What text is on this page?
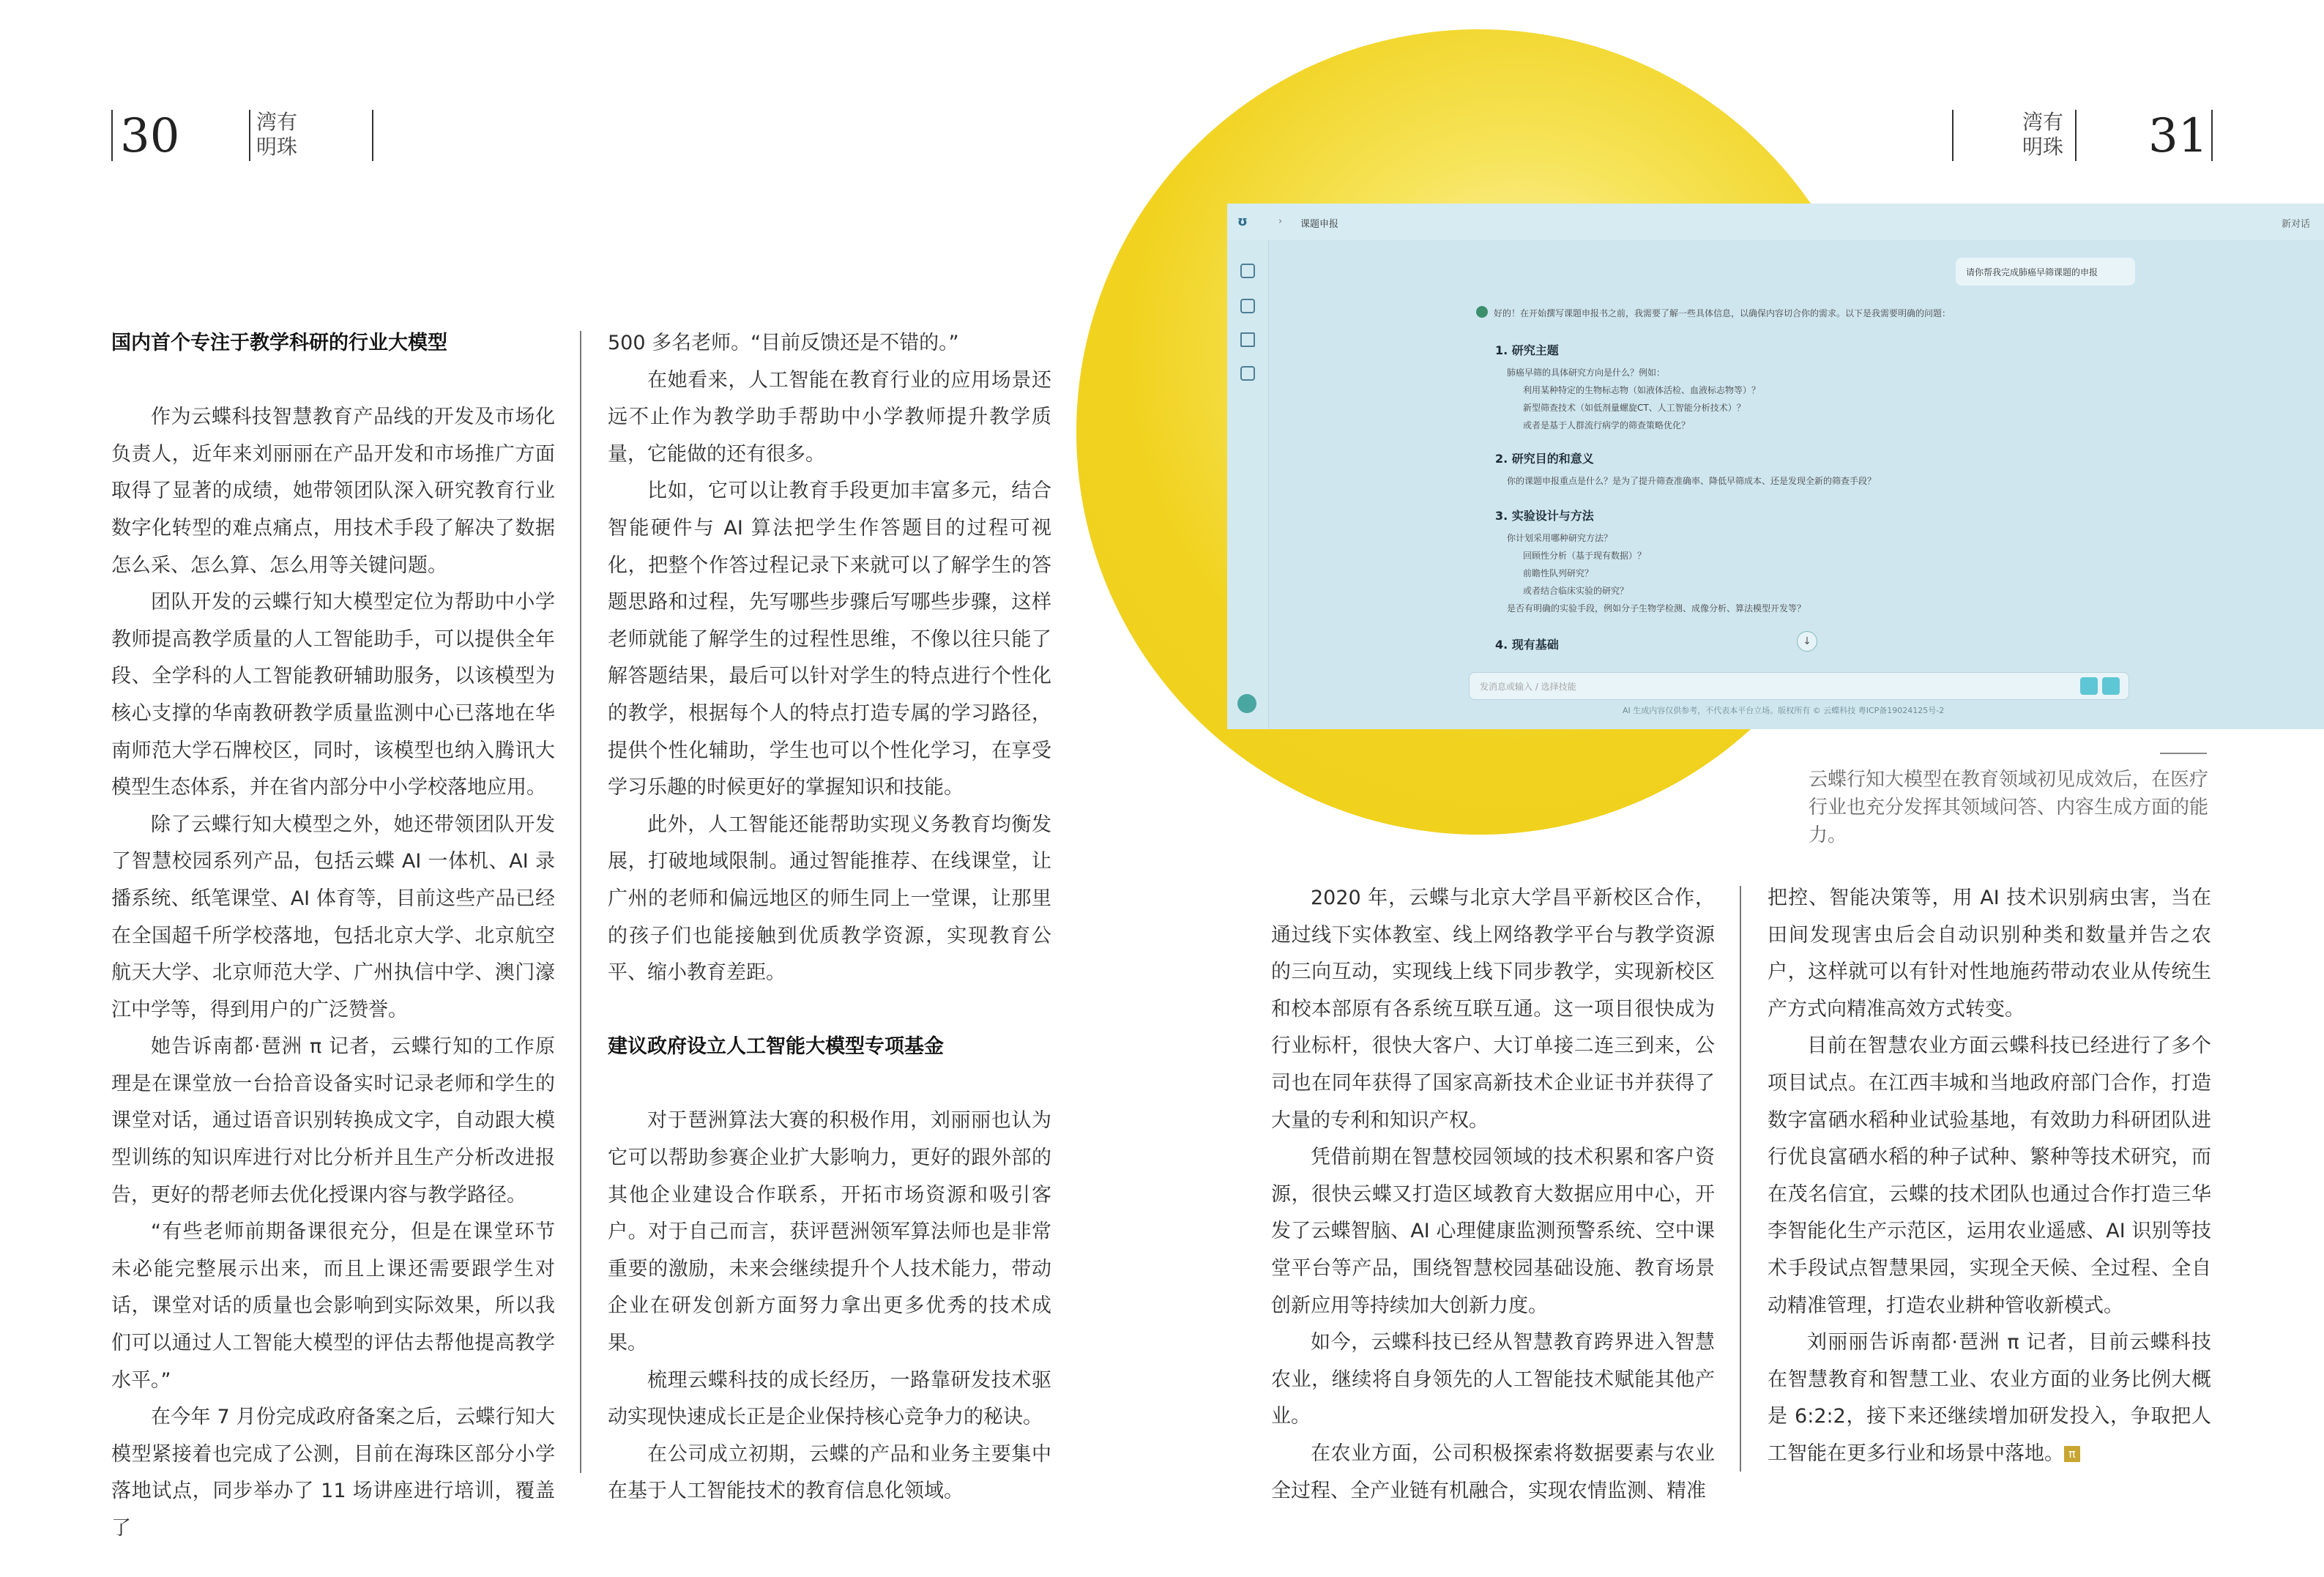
30	湾有
明珠
湾有
明珠 31
国内首个专注于教学科研的行业大模型

作为云蝶科技智慧教育产品线的开发及市场化负责人，近年来刘丽丽在产品开发和市场推广方面取得了显著的成绩，她带领团队深入研究教育行业数字化转型的难点痛点，用技术手段了解决了数据怎么采、怎么算、怎么用等关键问题。

团队开发的云蝶行知大模型定位为帮助中小学教师提高教学质量的人工智能助手，可以提供全年段、全学科的人工智能教研辅助服务，以该模型为核心支撑的华南教研教学质量监测中心已落地在华南师范大学石牌校区，同时，该模型也纳入腾讯大模型生态体系，并在省内部分中小学校落地应用。

除了云蝶行知大模型之外，她还带领团队开发了智慧校园系列产品，包括云蝶 AI 一体机、AI 录播系统、纸笔课堂、AI 体育等，目前这些产品已经在全国超千所学校落地，包括北京大学、北京航空航天大学、北京师范大学、广州执信中学、澳门濠江中学等，得到用户的广泛赞誉。

她告诉南都·琶洲 π 记者，云蝶行知的工作原理是在课堂放一台拾音设备实时记录老师和学生的课堂对话，通过语音识别转换成文字，自动跟大模型训练的知识库进行对比分析并且生产分析改进报告，更好的帮老师去优化授课内容与教学路径。

“有些老师前期备课很充分，但是在课堂环节未必能完整展示出来，而且上课还需要跟学生对话，课堂对话的质量也会影响到实际效果，所以我们可以通过人工智能大模型的评估去帮他提高教学水平。”

在今年 7 月份完成政府备案之后，云蝶行知大模型紧接着也完成了公测，目前在海珠区部分小学落地试点，同步举办了 11 场讲座进行培训，覆盖了

500 多名老师。“目前反馈还是不错的。”

在她看来，人工智能在教育行业的应用场景还远不止作为教学助手帮助中小学教师提升教学质量，它能做的还有很多。

比如，它可以让教育手段更加丰富多元，结合智能硬件与 AI 算法把学生作答题目的过程可视化，把整个作答过程记录下来就可以了解学生的答题思路和过程，先写哪些步骤后写哪些步骤，这样老师就能了解学生的过程性思维，不像以往只能了解答题结果，最后可以针对学生的特点进行个性化的教学，根据每个人的特点打造专属的学习路径，提供个性化辅助，学生也可以个性化学习，在享受学习乐趣的时候更好的掌握知识和技能。

此外，人工智能还能帮助实现义务教育均衡发展，打破地域限制。通过智能推荐、在线课堂，让广州的老师和偏远地区的师生同上一堂课，让那里的孩子们也能接触到优质教学资源，实现教育公平、缩小教育差距。

建议政府设立人工智能大模型专项基金

对于琶洲算法大赛的积极作用，刘丽丽也认为它可以帮助参赛企业扩大影响力，更好的跟外部的其他企业建设合作联系，开拓市场资源和吸引客户。对于自己而言，获评琶洲领军算法师也是非常重要的激励，未来会继续提升个人技术能力，带动企业在研发创新方面努力拿出更多优秀的技术成果。

梳理云蝶科技的成长经历，一路靠研发技术驱动实现快速成长正是企业保持核心竞争力的秘诀。

在公司成立初期，云蝶的产品和业务主要集中在基于人工智能技术的教育信息化领域。

ʊ	› 课题申报	新对话
请你帮我完成肺癌早筛课题的申报
好的！在开始撰写课题申报书之前，我需要了解一些具体信息，以确保内容切合你的需求。以下是我需要明确的问题：
1. 研究主题
肺癌早筛的具体研究方向是什么？例如：
利用某种特定的生物标志物（如液体活检、血液标志物等）？
新型筛查技术（如低剂量螺旋CT、人工智能分析技术）？
或者是基于人群流行病学的筛查策略优化？
2. 研究目的和意义
你的课题申报重点是什么？是为了提升筛查准确率、降低早筛成本、还是发现全新的筛查手段？
3. 实验设计与方法
你计划采用哪种研究方法？
回顾性分析（基于现有数据）？
前瞻性队列研究？
或者结合临床实验的研究？
是否有明确的实验手段，例如分子生物学检测、成像分析、算法模型开发等？
4. 现有基础	↓
发消息或输入 / 选择技能
AI 生成内容仅供参考，不代表本平台立场。版权所有 © 云蝶科技 粤ICP备19024125号-2
云蝶行知大模型在教育领域初见成效后，在医疗行业也充分发挥其领域问答、内容生成方面的能力。

2020 年，云蝶与北京大学昌平新校区合作，通过线下实体教室、线上网络教学平台与教学资源的三向互动，实现线上线下同步教学，实现新校区和校本部原有各系统互联互通。这一项目很快成为行业标杆，很快大客户、大订单接二连三到来，公司也在同年获得了国家高新技术企业证书并获得了大量的专利和知识产权。

凭借前期在智慧校园领域的技术积累和客户资源，很快云蝶又打造区域教育大数据应用中心，开发了云蝶智脑、AI 心理健康监测预警系统、空中课堂平台等产品，围绕智慧校园基础设施、教育场景创新应用等持续加大创新力度。

如今，云蝶科技已经从智慧教育跨界进入智慧农业，继续将自身领先的人工智能技术赋能其他产业。

在农业方面，公司积极探索将数据要素与农业全过程、全产业链有机融合，实现农情监测、精准

把控、智能决策等，用 AI 技术识别病虫害，当在田间发现害虫后会自动识别种类和数量并告之农户，这样就可以有针对性地施药带动农业从传统生产方式向精准高效方式转变。

目前在智慧农业方面云蝶科技已经进行了多个项目试点。在江西丰城和当地政府部门合作，打造数字富硒水稻种业试验基地，有效助力科研团队进行优良富硒水稻的种子试种、繁种等技术研究，而在茂名信宜，云蝶的技术团队也通过合作打造三华李智能化生产示范区，运用农业遥感、AI 识别等技术手段试点智慧果园，实现全天候、全过程、全自动精准管理，打造农业耕种管收新模式。

刘丽丽告诉南都·琶洲 π 记者，目前云蝶科技在智慧教育和智慧工业、农业方面的业务比例大概是 6:2:2，接下来还继续增加研发投入，争取把人工智能在更多行业和场景中落地。 π
